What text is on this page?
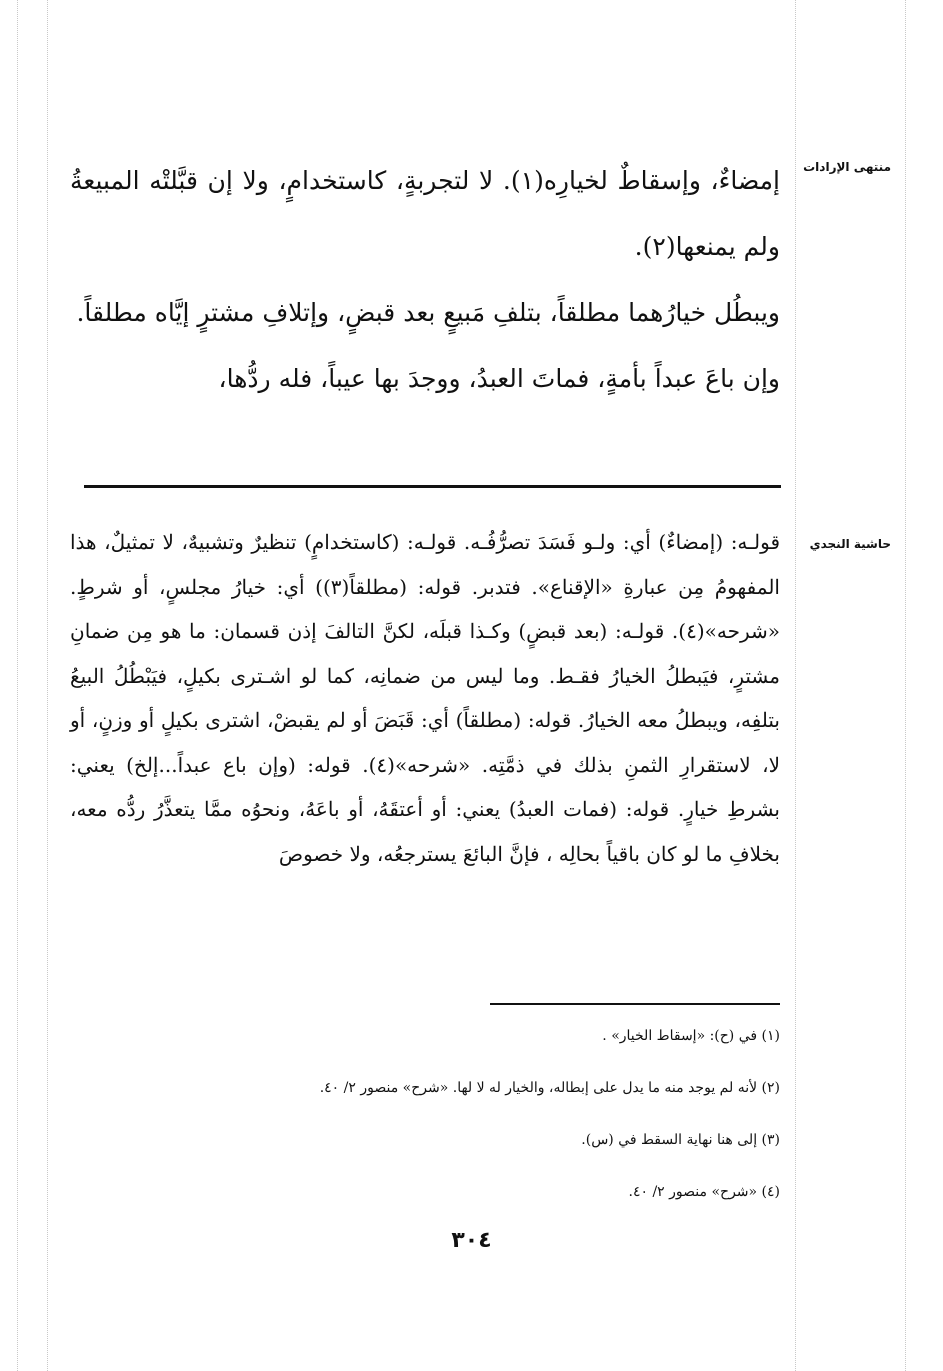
منتهى الإرادات
حاشية النجدي

إمضاءٌ، وإسقاطٌ لخيارِه(١). لا لتجربةٍ، كاستخدامٍ، ولا إن قبَّلتْه المبيعةُ ولم يمنعها(٢).

ويبطُل خيارُهما مطلقاً، بتلفِ مَبيعٍ بعد قبضٍ، وإتلافِ مشترٍ إيَّاه مطلقاً.

وإن باعَ عبداً بأمةٍ، فماتَ العبدُ، ووجدَ بها عيباً، فله ردُّها،

قولـه: (إمضاءٌ) أي: ولـو فَسَدَ تصرُّفُـه. قولـه: (كاستخدامٍ) تنظيرٌ وتشبيهٌ، لا تمثيلٌ، هذا المفهومُ مِن عبارةِ «الإقناع». فتدبر. قوله: (مطلقاً(٣)) أي: خيارُ مجلسٍ، أو شرطٍ. «شرحه»(٤). قولـه: (بعد قبضٍ) وكـذا قبلَه، لكنَّ التالفَ إذن قسمان: ما هو مِن ضمانِ مشترٍ، فيَبطلُ الخيارُ فقـط. وما ليس من ضمانِه، كما لو اشـترى بكيلٍ، فيَبْطُلُ البيعُ بتلفِه، ويبطلُ معه الخيارُ. قوله: (مطلقاً) أي: قَبَضَ أو لم يقبضْ، اشترى بكيلٍ أو وزنٍ، أو لا، لاستقرارِ الثمنِ بذلك في ذمَّتِه. «شرحه»(٤). قوله: (وإن باع عبداً...إلخ) يعني: بشرطِ خيارٍ. قوله: (فمات العبدُ) يعني: أو أعتقَهُ، أو باعَهُ، ونحوُه ممَّا يتعذَّرُ ردُّه معه، بخلافِ ما لو كان باقياً بحالِه ، فإنَّ البائعَ يسترجعُه، ولا خصوصَ

(١) في (ح): «إسقاط الخيار» .
(٢) لأنه لم يوجد منه ما يدل على إبطاله، والخيار له لا لها. «شرح» منصور ٢/ ٤٠.
(٣) إلى هنا نهاية السقط في (س).
(٤) «شرح» منصور ٢/ ٤٠.
٣٠٤
